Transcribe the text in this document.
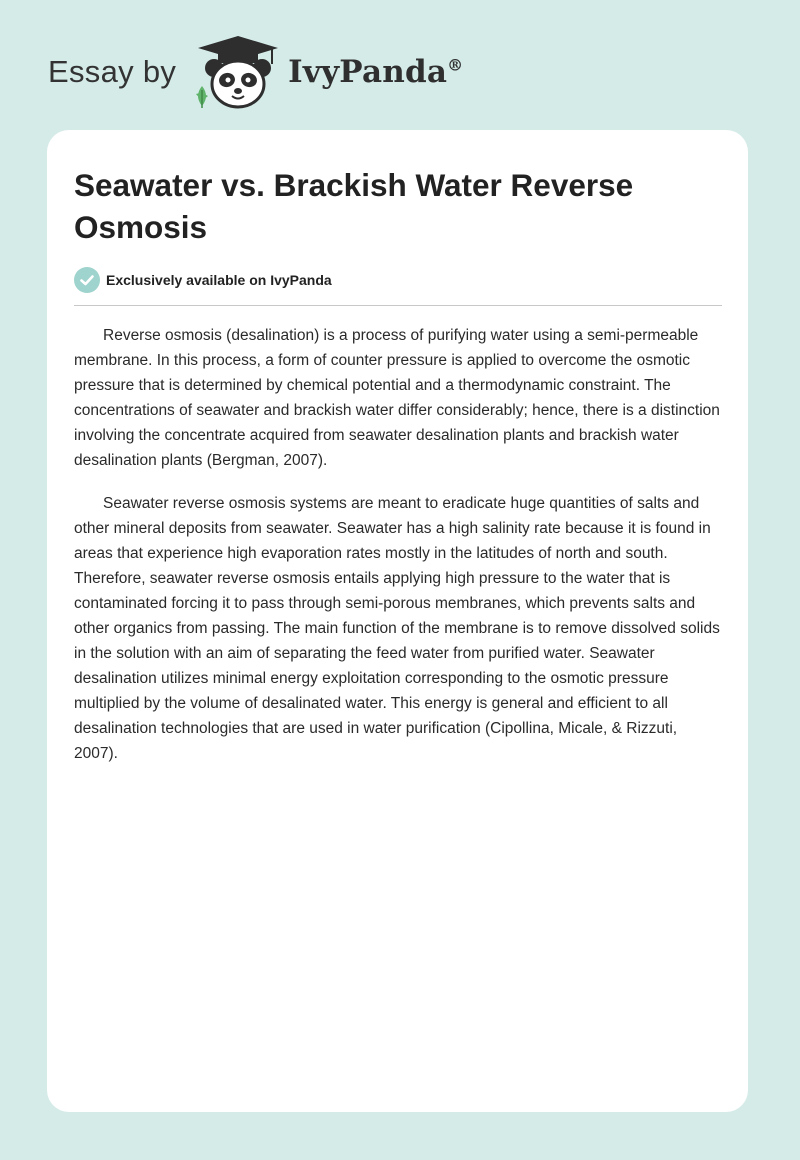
Essay by	IvyPanda®
Seawater vs. Brackish Water Reverse Osmosis
Exclusively available on IvyPanda

Reverse osmosis (desalination) is a process of purifying water using a semi-permeable membrane. In this process, a form of counter pressure is applied to overcome the osmotic pressure that is determined by chemical potential and a thermodynamic constraint. The concentrations of seawater and brackish water differ considerably; hence, there is a distinction involving the concentrate acquired from seawater desalination plants and brackish water desalination plants (Bergman, 2007).

Seawater reverse osmosis systems are meant to eradicate huge quantities of salts and other mineral deposits from seawater. Seawater has a high salinity rate because it is found in areas that experience high evaporation rates mostly in the latitudes of north and south. Therefore, seawater reverse osmosis entails applying high pressure to the water that is contaminated forcing it to pass through semi-porous membranes, which prevents salts and other organics from passing. The main function of the membrane is to remove dissolved solids in the solution with an aim of separating the feed water from purified water. Seawater desalination utilizes minimal energy exploitation corresponding to the osmotic pressure multiplied by the volume of desalinated water. This energy is general and efficient to all desalination technologies that are used in water purification (Cipollina, Micale, & Rizzuti, 2007).
